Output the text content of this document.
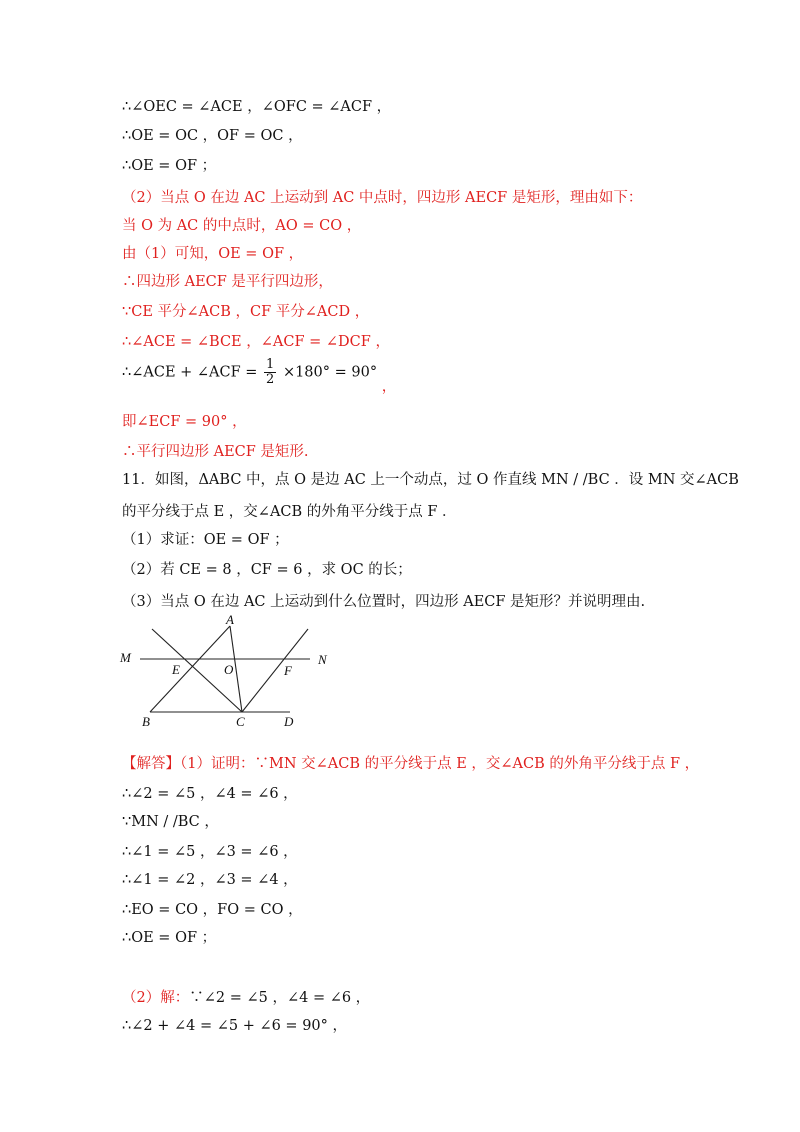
∴∠OEC = ∠ACE ，∠OFC = ∠ACF ，
∴OE = OC ，OF = OC ，
∴OE = OF ；
（2）当点 O 在边 AC 上运动到 AC 中点时，四边形 AECF 是矩形，理由如下：
当 O 为 AC 的中点时，AO = CO ，
由（1）可知，OE = OF ，
∴四边形 AECF 是平行四边形，
∵CE 平分∠ACB ，CF 平分∠ACD ，
∴∠ACE = ∠BCE ，∠ACF = ∠DCF ，
即∠ECF = 90° ，
∴平行四边形 AECF 是矩形.
11．如图，ΔABC 中，点 O 是边 AC 上一个动点，过 O 作直线 MN / /BC ．设 MN 交∠ACB
的平分线于点 E ，交∠ACB 的外角平分线于点 F ．
（1）求证：OE = OF ；
（2）若 CE = 8 ，CF = 6 ，求 OC 的长；
（3）当点 O 在边 AC 上运动到什么位置时，四边形 AECF 是矩形？并说明理由.
【解答】（1）证明：∵MN 交∠ACB 的平分线于点 E ，交∠ACB 的外角平分线于点 F ，
∴∠2 = ∠5 ，∠4 = ∠6 ，
∵MN / /BC ，
∴∠1 = ∠5 ，∠3 = ∠6 ，
∴∠1 = ∠2 ，∠3 = ∠4 ，
∴EO = CO ，FO = CO ，
∴OE = OF ；
（2）解：∵∠2 = ∠5 ，∠4 = ∠6 ，
∴∠2 + ∠4 = ∠5 + ∠6 = 90° ，
∴∠ACE + ∠ACF = $\frac{1}{2} \times 180^\circ = 90^\circ$ ，
A
M	N
E	O	F
B	C	D
